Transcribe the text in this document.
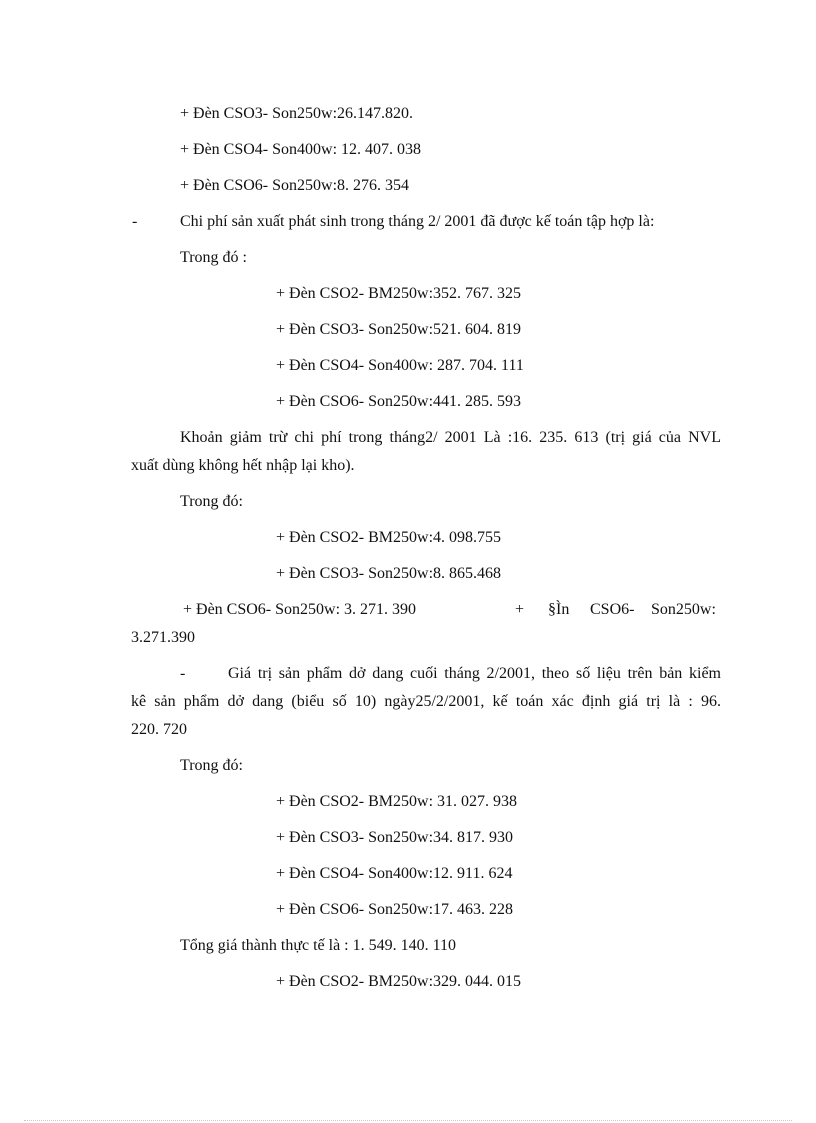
+ Đèn CSO3- Son250w:26.147.820.
+ Đèn CSO4- Son400w: 12. 407. 038
+ Đèn CSO6- Son250w:8. 276. 354
-	Chi phí sản xuất phát sinh trong tháng 2/ 2001 đã được kế toán tập hợp là:
Trong đó :
+ Đèn CSO2- BM250w:352. 767. 325
+ Đèn CSO3- Son250w:521. 604. 819
+ Đèn CSO4- Son400w: 287. 704. 111
+ Đèn CSO6- Son250w:441. 285. 593
Khoản giảm trừ chi phí trong tháng2/ 2001 Là :16. 235. 613 (trị giá của NVL
xuất dùng không hết nhập lại kho).
Trong đó:
+ Đèn CSO2- BM250w:4. 098.755
+ Đèn CSO3- Son250w:8. 865.468
+ Đèn CSO6- Son250w: 3. 271. 390	+ §Ìn CSO6- Son250w:
3.271.390
-	Giá trị sản phẩm dở dang cuối tháng 2/2001, theo số liệu trên bản kiểm
kê sản phẩm dở dang (biểu số 10) ngày25/2/2001, kế toán xác định giá trị là : 96.
220. 720
Trong đó:
+ Đèn CSO2- BM250w: 31. 027. 938
+ Đèn CSO3- Son250w:34. 817. 930
+ Đèn CSO4- Son400w:12. 911. 624
+ Đèn CSO6- Son250w:17. 463. 228
Tổng giá thành thực tế là : 1. 549. 140. 110
+ Đèn CSO2- BM250w:329. 044. 015
